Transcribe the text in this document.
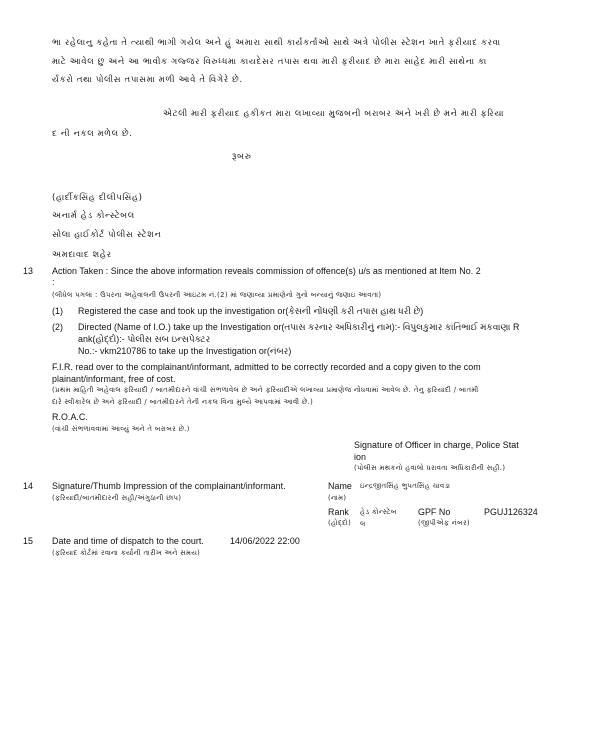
ભા રહેલાનુ કહેતા તે ત્યાથી ભાગી ગયેલ અને હું અમારા સાથી કાર્યકર્તાઓ સાથે અત્રે પોલીસ સ્ટેશન ખાતે ફરીયાદ કરવા
માટે આવેલ છુ અને આ ભાવીક ગજ્જર વિરુધ્ધમા કાયદેસર તપાસ થવા મારી ફરીયાદ છે મારા સાહેદ મારી સાથેના કા
ર્યકરો તથા પોલીસ તપાસમા મળી આવે તે વિગેરે છે.
એટલી મારી ફરીયાદ હકીકત મારા લખાવ્યા મુજબની બરાબર અને ખરી છે મને મારી ફરિયા
દ ની નકલ મળેલ છે.
રૂબરુ
(હાર્દીકસિંહ દીલીપસિંહ)
અનાર્મ હેડ કોન્સ્ટેબલ
સોલા હાઈકોર્ટ પોલીસ સ્ટેશન
અમદાવાદ શહેર
13 Action Taken : Since the above information reveals commission of offence(s) u/s as mentioned at Item No. 2
:
(લીધેલ પગલાં : ઉપરના અહેવાલની ઉપરની આઇટમ નં.(2) માં જણાવ્યા પ્રમાણેનો ગુનો બન્યાનું જણાઇ આવતા)
(1) Registered the case and took up the investigation or(કેસની નોંધણી કરી તપાસ હાથ ધરી છે)
(2) Directed (Name of I.O.) take up the Investigation or(તપાસ કરનાર અધિકારીનું નામ):- વિપુલકુમાર કાંતિભાઈ મકવાણા R
ank(હોદ્દો):- પોલીસ સબ ઇન્સપેક્ટર
No.:- vkm210786 to take up the Investigation or(નંબર)
F.I.R. read over to the complainant/informant, admitted to be correctly recorded and a copy given to the com
plainant/informant, free of cost.
(પ્રથમ માહિતી અહેવાલ ફરિયાદી / બાતમીદારને વાંચી સંભળાવેલ છે અને ફરિયાદીએ લખાવ્યા પ્રમાણેજ નોંધવામાં આવેલ છે. તેનુ ફરિયાદી / બાતમી
દારે સ્વીકારેલ છે અને ફરિયાદી / બાતમીદારને તેની નકલ વિના મુલ્યે આપવામાં આવી છે.)
R.O.A.C.
(વાંચી સંભળાવવામાં આવ્યું અને તે બરાબર છે.)
Signature of Officer in charge, Police Stat
ion
(પોલીસ મથકનો હવાલો ધરાવતા અધિકારીની સહી.)
14 Signature/Thumb Impression of the complainant/informant.
(ફરિયાદી/બાતમીદારની સહી/અંગુઠાની છાપ)
Name
(નામ)
ઇન્દ્રજીતસિંહ ભુપતસિંહ ચાવડા
Rank
(હોદ્દો)
હેડ કોન્સ્ટેબ
લ
GPF No
(જીપીએફ નંબર)
PGUJ126324
15 Date and time of dispatch to the court.	14/06/2022 22:00
(ફરિયાદ કોર્ટમાં રવાના કર્યાની તારીખ અને સમય)
